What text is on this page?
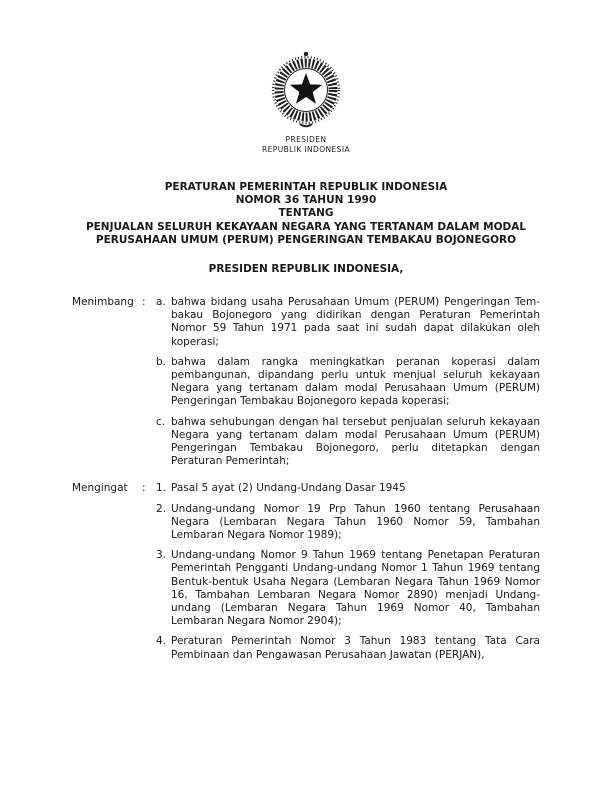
PRESIDEN
REPUBLIK INDONESIA
PERATURAN PEMERINTAH REPUBLIK INDONESIA
NOMOR 36 TAHUN 1990
TENTANG
PENJUALAN SELURUH KEKAYAAN NEGARA YANG TERTANAM DALAM MODAL
PERUSAHAAN UMUM (PERUM) PENGERINGAN TEMBAKAU BOJONEGORO
PRESIDEN REPUBLIK INDONESIA,
Menimbang : a. bahwa bidang usaha Perusahaan Umum (PERUM) Pengeringan Tem-bakau Bojonegoro yang didirikan dengan Peraturan Pemerintah Nomor 59 Tahun 1971 pada saat ini sudah dapat dilakukan oleh koperasi;
b. bahwa dalam rangka meningkatkan peranan koperasi dalam pembangunan, dipandang perlu untuk menjual seluruh kekayaan Negara yang tertanam dalam modal Perusahaan Umum (PERUM) Pengeringan Tembakau Bojonegoro kepada koperasi;
c. bahwa sehubungan dengan hal tersebut penjualan seluruh kekayaan Negara yang tertanam dalam modal Perusahaan Umum (PERUM) Pengeringan Tembakau Bojonegoro, perlu ditetapkan dengan Peraturan Pemerintah;
Mengingat	: 1. Pasal 5 ayat (2) Undang-Undang Dasar 1945
2. Undang-undang Nomor 19 Prp Tahun 1960 tentang Perusahaan Negara (Lembaran Negara Tahun 1960 Nomor 59, Tambahan Lembaran Negara Nomor 1989);
3. Undang-undang Nomor 9 Tahun 1969 tentang Penetapan Peraturan Pemerintah Pengganti Undang-undang Nomor 1 Tahun 1969 tentang Bentuk-bentuk Usaha Negara (Lembaran Negara Tahun 1969 Nomor 16, Tambahan Lembaran Negara Nomor 2890) menjadi Undang-undang (Lembaran Negara Tahun 1969 Nomor 40, Tambahan Lembaran Negara Nomor 2904);
4. Peraturan Pemerintah Nomor 3 Tahun 1983 tentang Tata Cara Pembinaan dan Pengawasan Perusahaan Jawatan (PERJAN),
